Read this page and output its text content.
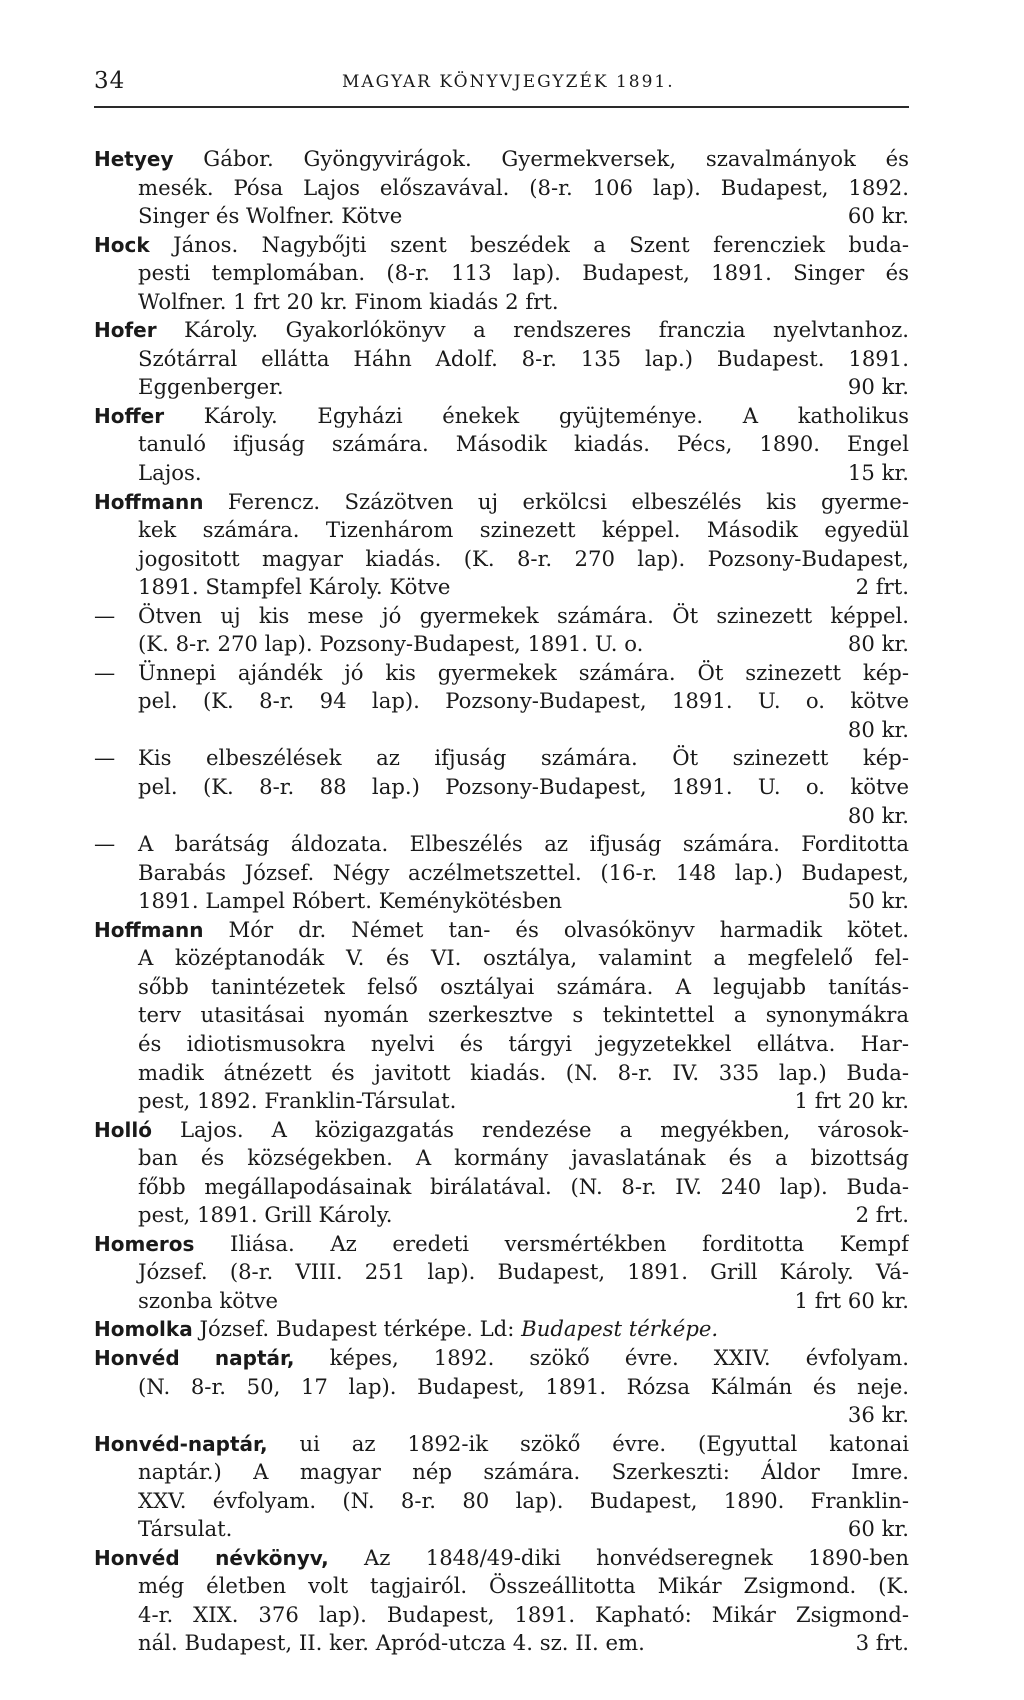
34	MAGYAR KÖNYVJEGYZÉK 1891.
Hetyey Gábor. Gyöngyvirágok. Gyermekversek, szavalmányok és
mesék. Pósa Lajos előszavával. (8-r. 106 lap). Budapest, 1892.
60 kr.
Singer és Wolfner. Kötve
Hock János. Nagybőjti szent beszédek a Szent ferencziek buda-
pesti templomában. (8-r. 113 lap). Budapest, 1891. Singer és
Wolfner. 1 frt 20 kr. Finom kiadás 2 frt.
Hofer Károly. Gyakorlókönyv a rendszeres franczia nyelvtanhoz.
Szótárral ellátta Háhn Adolf. 8-r. 135 lap.) Budapest. 1891.
90 kr.
Eggenberger.
Hoffer Károly. Egyházi énekek gyüjteménye. A katholikus
tanuló ifjuság számára. Második kiadás. Pécs, 1890. Engel
15 kr.
Lajos.
Hoffmann Ferencz. Százötven uj erkölcsi elbeszélés kis gyerme-
kek számára. Tizenhárom szinezett képpel. Második egyedül
jogositott magyar kiadás. (K. 8-r. 270 lap). Pozsony-Budapest,
2 frt.
1891. Stampfel Károly. Kötve
— Ötven uj kis mese jó gyermekek számára. Öt szinezett képpel.
80 kr.
(K. 8-r. 270 lap). Pozsony-Budapest, 1891. U. o.
— Ünnepi ajándék jó kis gyermekek számára. Öt szinezett kép-
pel. (K. 8-r. 94 lap). Pozsony-Budapest, 1891. U. o. kötve
80 kr.
— Kis elbeszélések az ifjuság számára. Öt szinezett kép-
pel. (K. 8-r. 88 lap.) Pozsony-Budapest, 1891. U. o. kötve
80 kr.
— A barátság áldozata. Elbeszélés az ifjuság számára. Forditotta
Barabás József. Négy aczélmetszettel. (16-r. 148 lap.) Budapest,
50 kr.
1891. Lampel Róbert. Keménykötésben
Hoffmann Mór dr. Német tan- és olvasókönyv harmadik kötet.
A középtanodák V. és VI. osztálya, valamint a megfelelő fel-
sőbb tanintézetek felső osztályai számára. A legujabb tanítás-
terv utasitásai nyomán szerkesztve s tekintettel a synonymákra
és idiotismusokra nyelvi és tárgyi jegyzetekkel ellátva. Har-
madik átnézett és javitott kiadás. (N. 8-r. IV. 335 lap.) Buda-
1 frt 20 kr.
pest, 1892. Franklin-Társulat.
Holló Lajos. A közigazgatás rendezése a megyékben, városok-
ban és községekben. A kormány javaslatának és a bizottság
főbb megállapodásainak birálatával. (N. 8-r. IV. 240 lap). Buda-
2 frt.
pest, 1891. Grill Károly.
Homeros Iliása. Az eredeti versmértékben forditotta Kempf
József. (8-r. VIII. 251 lap). Budapest, 1891. Grill Károly. Vá-
1 frt 60 kr.
szonba kötve
Homolka József. Budapest térképe. Ld: Budapest térképe.
Honvéd naptár, képes, 1892. szökő évre. XXIV. évfolyam.
(N. 8-r. 50, 17 lap). Budapest, 1891. Rózsa Kálmán és neje.
36 kr.
Honvéd-naptár, ui az 1892-ik szökő évre. (Egyuttal katonai
naptár.) A magyar nép számára. Szerkeszti: Áldor Imre.
XXV. évfolyam. (N. 8-r. 80 lap). Budapest, 1890. Franklin-
60 kr.
Társulat.
Honvéd névkönyv, Az 1848/49-diki honvédseregnek 1890-ben
még életben volt tagjairól. Összeállitotta Mikár Zsigmond. (K.
4-r. XIX. 376 lap). Budapest, 1891. Kapható: Mikár Zsigmond-
3 frt.
nál. Budapest, II. ker. Apród-utcza 4. sz. II. em.
